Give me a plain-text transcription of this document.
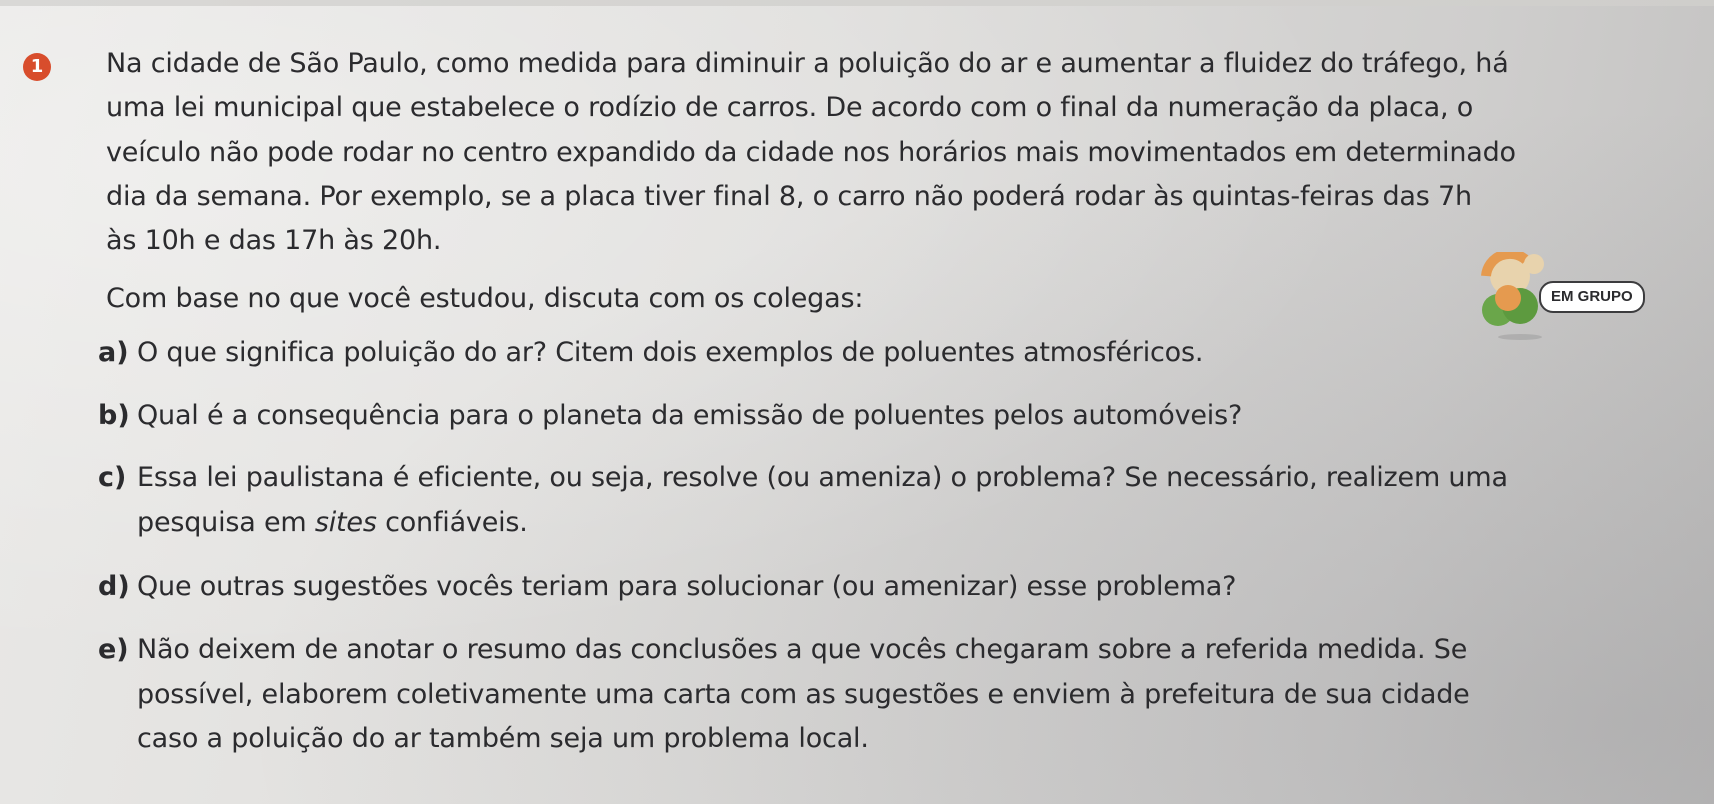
1 Na cidade de São Paulo, como medida para diminuir a poluição do ar e aumentar a fluidez do tráfego, há
uma lei municipal que estabelece o rodízio de carros. De acordo com o final da numeração da placa, o
veículo não pode rodar no centro expandido da cidade nos horários mais movimentados em determinado
dia da semana. Por exemplo, se a placa tiver final 8, o carro não poderá rodar às quintas-feiras das 7h
às 10h e das 17h às 20h.
Com base no que você estudou, discuta com os colegas:	EM GRUPO
a) O que significa poluição do ar? Citem dois exemplos de poluentes atmosféricos.
b) Qual é a consequência para o planeta da emissão de poluentes pelos automóveis?
c) Essa lei paulistana é eficiente, ou seja, resolve (ou ameniza) o problema? Se necessário, realizem uma
pesquisa em sites confiáveis.
d) Que outras sugestões vocês teriam para solucionar (ou amenizar) esse problema?
e) Não deixem de anotar o resumo das conclusões a que vocês chegaram sobre a referida medida. Se
possível, elaborem coletivamente uma carta com as sugestões e enviem à prefeitura de sua cidade
caso a poluição do ar também seja um problema local.
